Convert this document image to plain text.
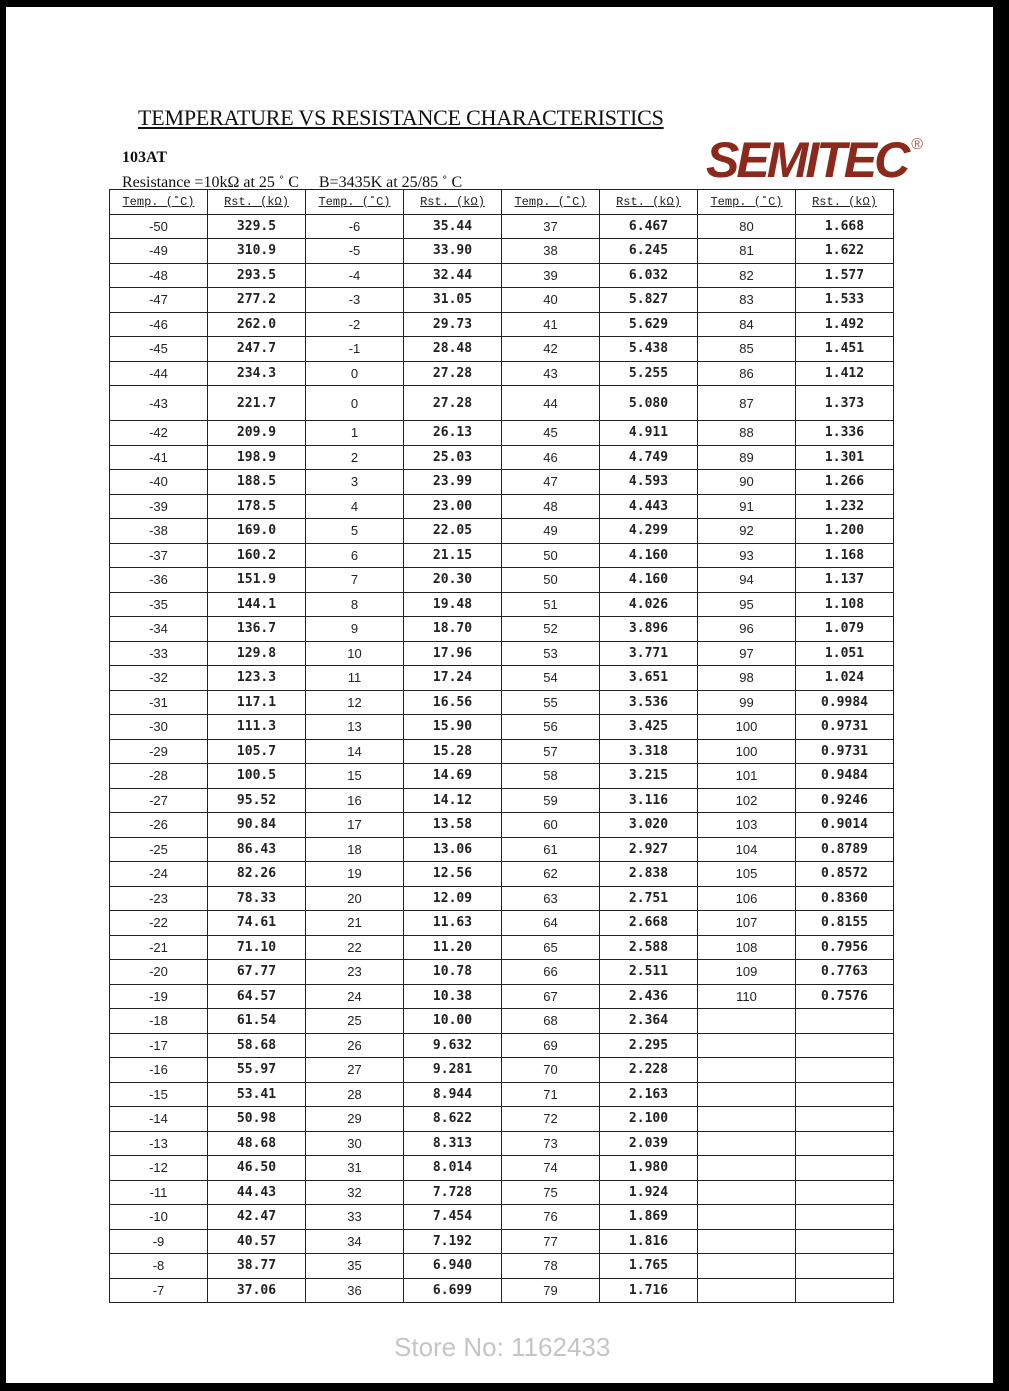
TEMPERATURE VS RESISTANCE CHARACTERISTICS
103AT
Resistance =10kΩ at 25 ˚ C     B=3435K at 25/85 ˚ C	SEMITEC ®
Temp. (˚C)	Rst. (kΩ)	Temp. (˚C)	Rst. (kΩ)	Temp. (˚C)	Rst. (kΩ)	Temp. (˚C)	Rst. (kΩ)
-50	329.5	-6	35.44	37	6.467	80	1.668
-49	310.9	-5	33.90	38	6.245	81	1.622
-48	293.5	-4	32.44	39	6.032	82	1.577
-47	277.2	-3	31.05	40	5.827	83	1.533
-46	262.0	-2	29.73	41	5.629	84	1.492
-45	247.7	-1	28.48	42	5.438	85	1.451
-44	234.3	0	27.28	43	5.255	86	1.412
-43	221.7	0	27.28	44	5.080	87	1.373
-42	209.9	1	26.13	45	4.911	88	1.336
-41	198.9	2	25.03	46	4.749	89	1.301
-40	188.5	3	23.99	47	4.593	90	1.266
-39	178.5	4	23.00	48	4.443	91	1.232
-38	169.0	5	22.05	49	4.299	92	1.200
-37	160.2	6	21.15	50	4.160	93	1.168
-36	151.9	7	20.30	50	4.160	94	1.137
-35	144.1	8	19.48	51	4.026	95	1.108
-34	136.7	9	18.70	52	3.896	96	1.079
-33	129.8	10	17.96	53	3.771	97	1.051
-32	123.3	11	17.24	54	3.651	98	1.024
-31	117.1	12	16.56	55	3.536	99	0.9984
-30	111.3	13	15.90	56	3.425	100	0.9731
-29	105.7	14	15.28	57	3.318	100	0.9731
-28	100.5	15	14.69	58	3.215	101	0.9484
-27	95.52	16	14.12	59	3.116	102	0.9246
-26	90.84	17	13.58	60	3.020	103	0.9014
-25	86.43	18	13.06	61	2.927	104	0.8789
-24	82.26	19	12.56	62	2.838	105	0.8572
-23	78.33	20	12.09	63	2.751	106	0.8360
-22	74.61	21	11.63	64	2.668	107	0.8155
-21	71.10	22	11.20	65	2.588	108	0.7956
-20	67.77	23	10.78	66	2.511	109	0.7763
-19	64.57	24	10.38	67	2.436	110	0.7576
-18	61.54	25	10.00	68	2.364		
-17	58.68	26	9.632	69	2.295		
-16	55.97	27	9.281	70	2.228		
-15	53.41	28	8.944	71	2.163		
-14	50.98	29	8.622	72	2.100		
-13	48.68	30	8.313	73	2.039		
-12	46.50	31	8.014	74	1.980		
-11	44.43	32	7.728	75	1.924		
-10	42.47	33	7.454	76	1.869		
-9	40.57	34	7.192	77	1.816		
-8	38.77	35	6.940	78	1.765		
-7	37.06	36	6.699	79	1.716		
Store No: 1162433
